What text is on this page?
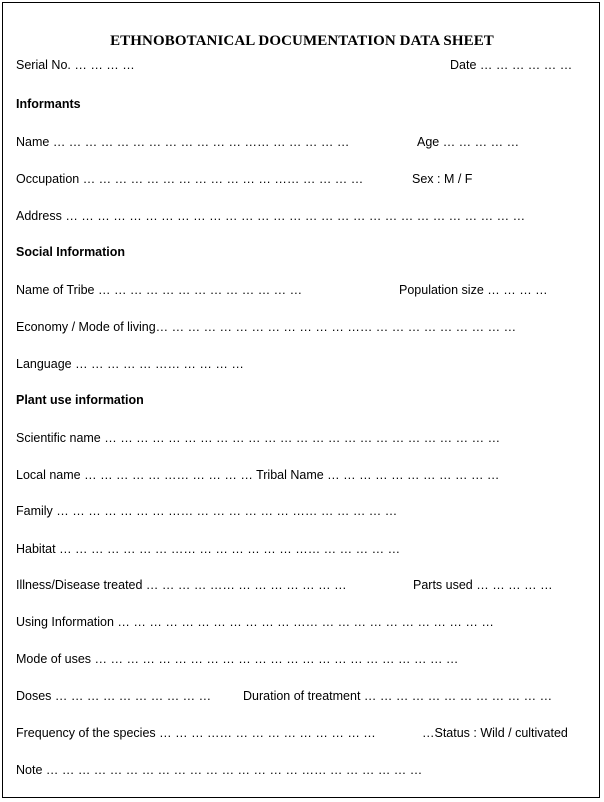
ETHNOBOTANICAL DOCUMENTATION DATA SHEET
Serial No. … … … …	Date … … … … … …
Informants
Name … … … … … … … … … … … … …… … … … … …	Age … … … … …
Occupation … … … … … … … … … … … … …… … … … …	Sex : M / F
Address … … … … … … … … … … … … … … … … … … … … … … … … … … … … …
Social Information
Name of Tribe … … … … … … … … … … … … …	Population size … … … …
Economy / Mode of living… … … … … … … … … … … … …… … … … … … … … … …
Language … … … … … …… … … … …
Plant use information
Scientific name … … … … … … … … … … … … … … … … … … … … … … … … …
Local name … … … … … …… … … … … Tribal Name … … … … … … … … … … …
Family … … … … … … … …… … … … … … … …… … … … … …
Habitat … … … … … … … …… … … … … … … …… … … … … …
Illness/Disease treated … … … … …… … … … … … … …	Parts used … … … … …
Using Information … … … … … … … … … … … …… … … … … … … … … … … …
Mode of uses … … … … … … … … … … … … … … … … … … … … … … …
Doses … … … … … … … … … …	Duration of treatment … … … … … … … … … … … …
Frequency of the species … … … …… … … … … … … … … …	…Status : Wild / cultivated
Note … … … … … … … … … … … … … … … … …… … … … … … …
